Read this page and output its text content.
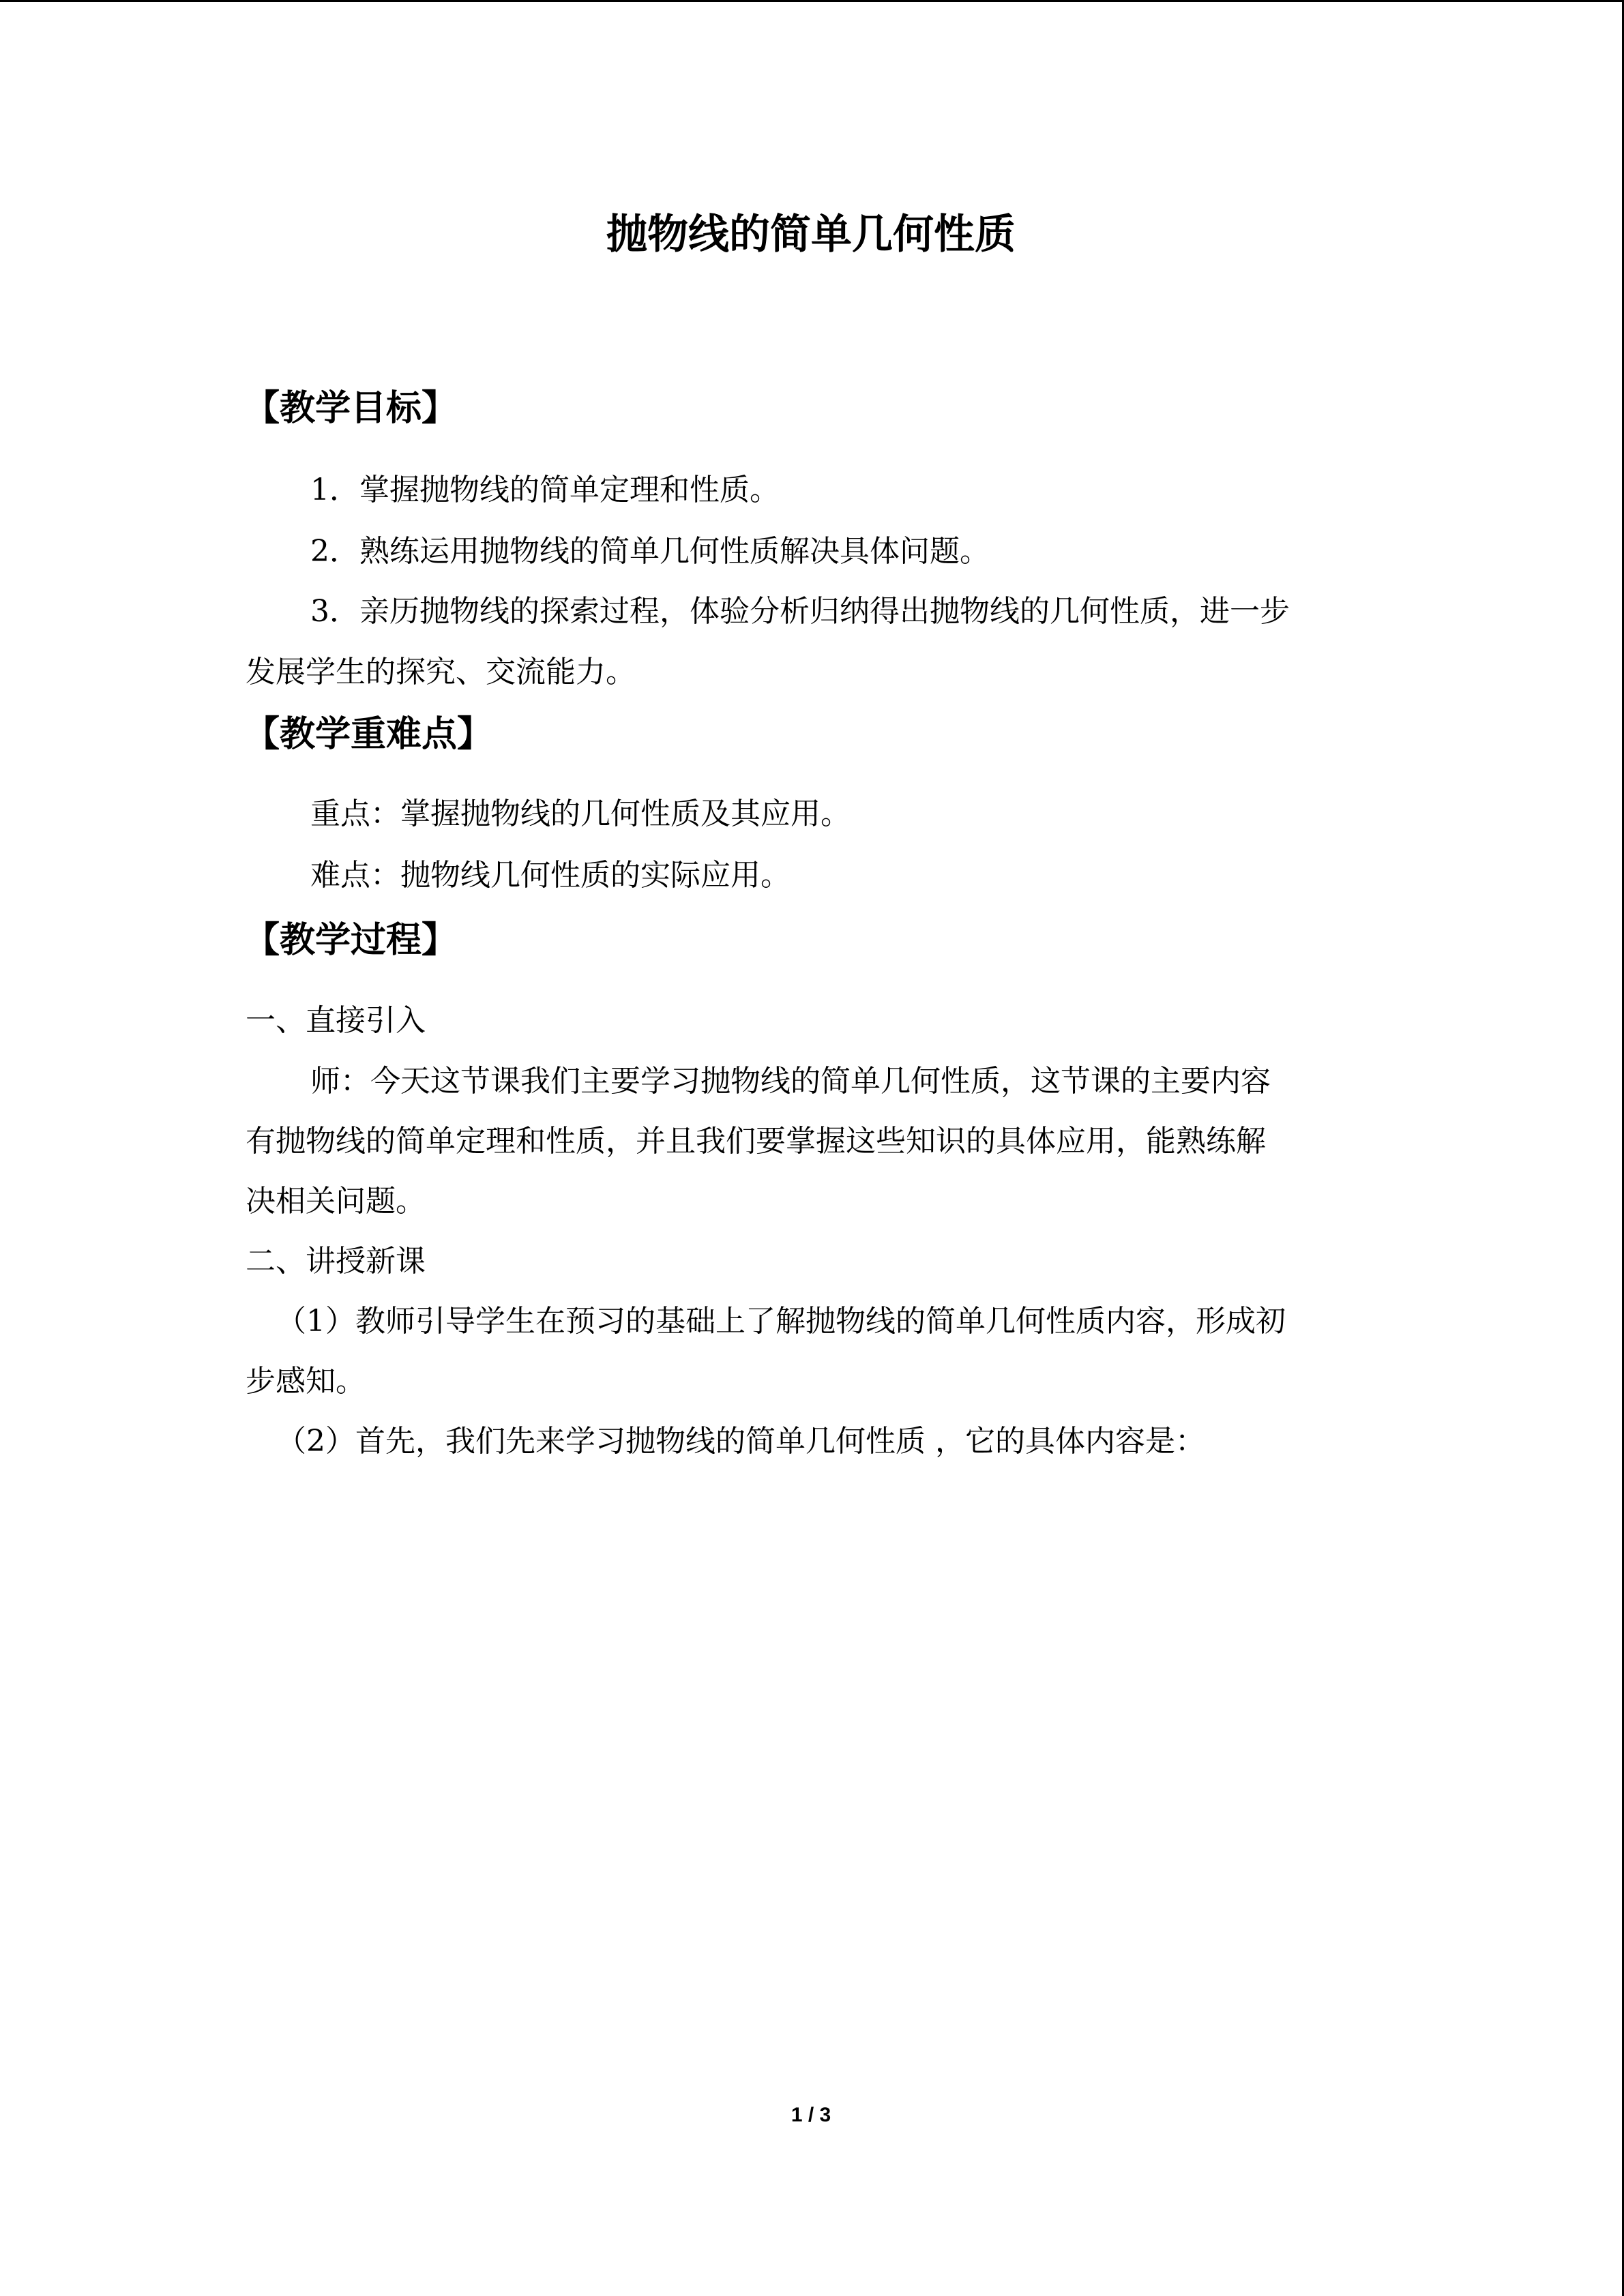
抛物线的简单几何性质
【教学目标】
1．掌握抛物线的简单定理和性质。
2．熟练运用抛物线的简单几何性质解决具体问题。
3．亲历抛物线的探索过程，体验分析归纳得出抛物线的几何性质，进一步
发展学生的探究、交流能力。
【教学重难点】
重点：掌握抛物线的几何性质及其应用。
难点：抛物线几何性质的实际应用。
【教学过程】
一、直接引入
师：今天这节课我们主要学习抛物线的简单几何性质，这节课的主要内容
有抛物线的简单定理和性质，并且我们要掌握这些知识的具体应用，能熟练解
决相关问题。
二、讲授新课
（1）教师引导学生在预习的基础上了解抛物线的简单几何性质内容，形成初
步感知。
（2）首先，我们先来学习抛物线的简单几何性质 ，它的具体内容是：
1 / 3
